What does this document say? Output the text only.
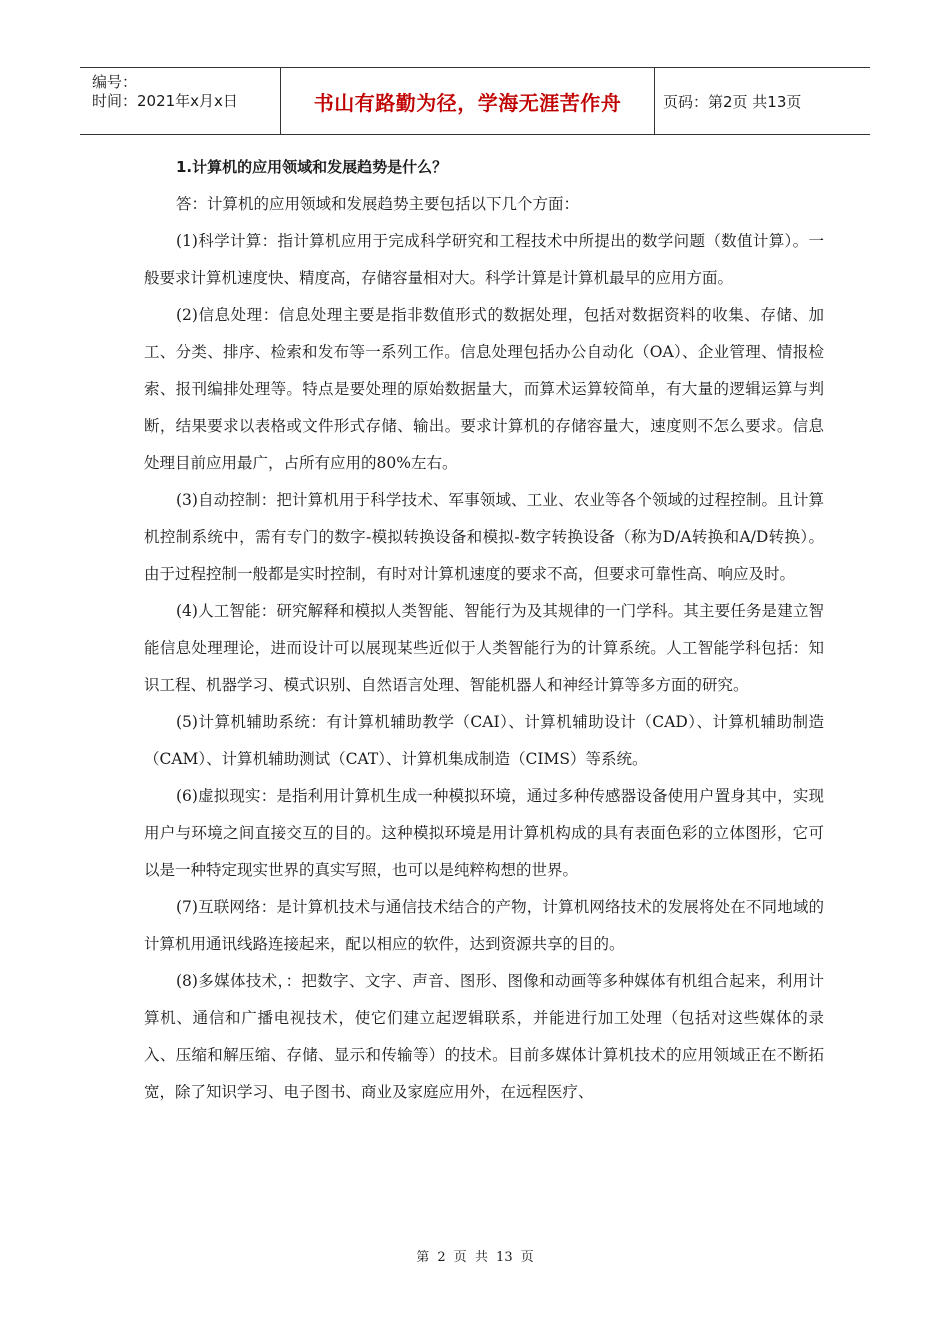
编号：
时间：2021年x月x日	书山有路勤为径，学海无涯苦作舟	页码：第2页 共13页

1.计算机的应用领域和发展趋势是什么？

答：计算机的应用领域和发展趋势主要包括以下几个方面：

(1)科学计算：指计算机应用于完成科学研究和工程技术中所提出的数学问题（数值计算）。一般要求计算机速度快、精度高，存储容量相对大。科学计算是计算机最早的应用方面。

(2)信息处理：信息处理主要是指非数值形式的数据处理，包括对数据资料的收集、存储、加工、分类、排序、检索和发布等一系列工作。信息处理包括办公自动化（OA）、企业管理、情报检索、报刊编排处理等。特点是要处理的原始数据量大，而算术运算较简单，有大量的逻辑运算与判断，结果要求以表格或文件形式存储、输出。要求计算机的存储容量大，速度则不怎么要求。信息处理目前应用最广，占所有应用的80%左右。

(3)自动控制：把计算机用于科学技术、军事领域、工业、农业等各个领域的过程控制。且计算机控制系统中，需有专门的数字-模拟转换设备和模拟-数字转换设备（称为D/A转换和A/D转换）。由于过程控制一般都是实时控制，有时对计算机速度的要求不高，但要求可靠性高、响应及时。

(4)人工智能：研究解释和模拟人类智能、智能行为及其规律的一门学科。其主要任务是建立智能信息处理理论，进而设计可以展现某些近似于人类智能行为的计算系统。人工智能学科包括：知识工程、机器学习、模式识别、自然语言处理、智能机器人和神经计算等多方面的研究。

(5)计算机辅助系统：有计算机辅助教学（CAI）、计算机辅助设计（CAD）、计算机辅助制造（CAM）、计算机辅助测试（CAT）、计算机集成制造（CIMS）等系统。

(6)虚拟现实：是指利用计算机生成一种模拟环境，通过多种传感器设备使用户置身其中，实现用户与环境之间直接交互的目的。这种模拟环境是用计算机构成的具有表面色彩的立体图形，它可以是一种特定现实世界的真实写照，也可以是纯粹构想的世界。

(7)互联网络：是计算机技术与通信技术结合的产物，计算机网络技术的发展将处在不同地域的计算机用通讯线路连接起来，配以相应的软件，达到资源共享的目的。

(8)多媒体技术，：把数字、文字、声音、图形、图像和动画等多种媒体有机组合起来，利用计算机、通信和广播电视技术，使它们建立起逻辑联系，并能进行加工处理（包括对这些媒体的录入、压缩和解压缩、存储、显示和传输等）的技术。目前多媒体计算机技术的应用领域正在不断拓宽，除了知识学习、电子图书、商业及家庭应用外，在远程医疗、

第 2 页 共 13 页
